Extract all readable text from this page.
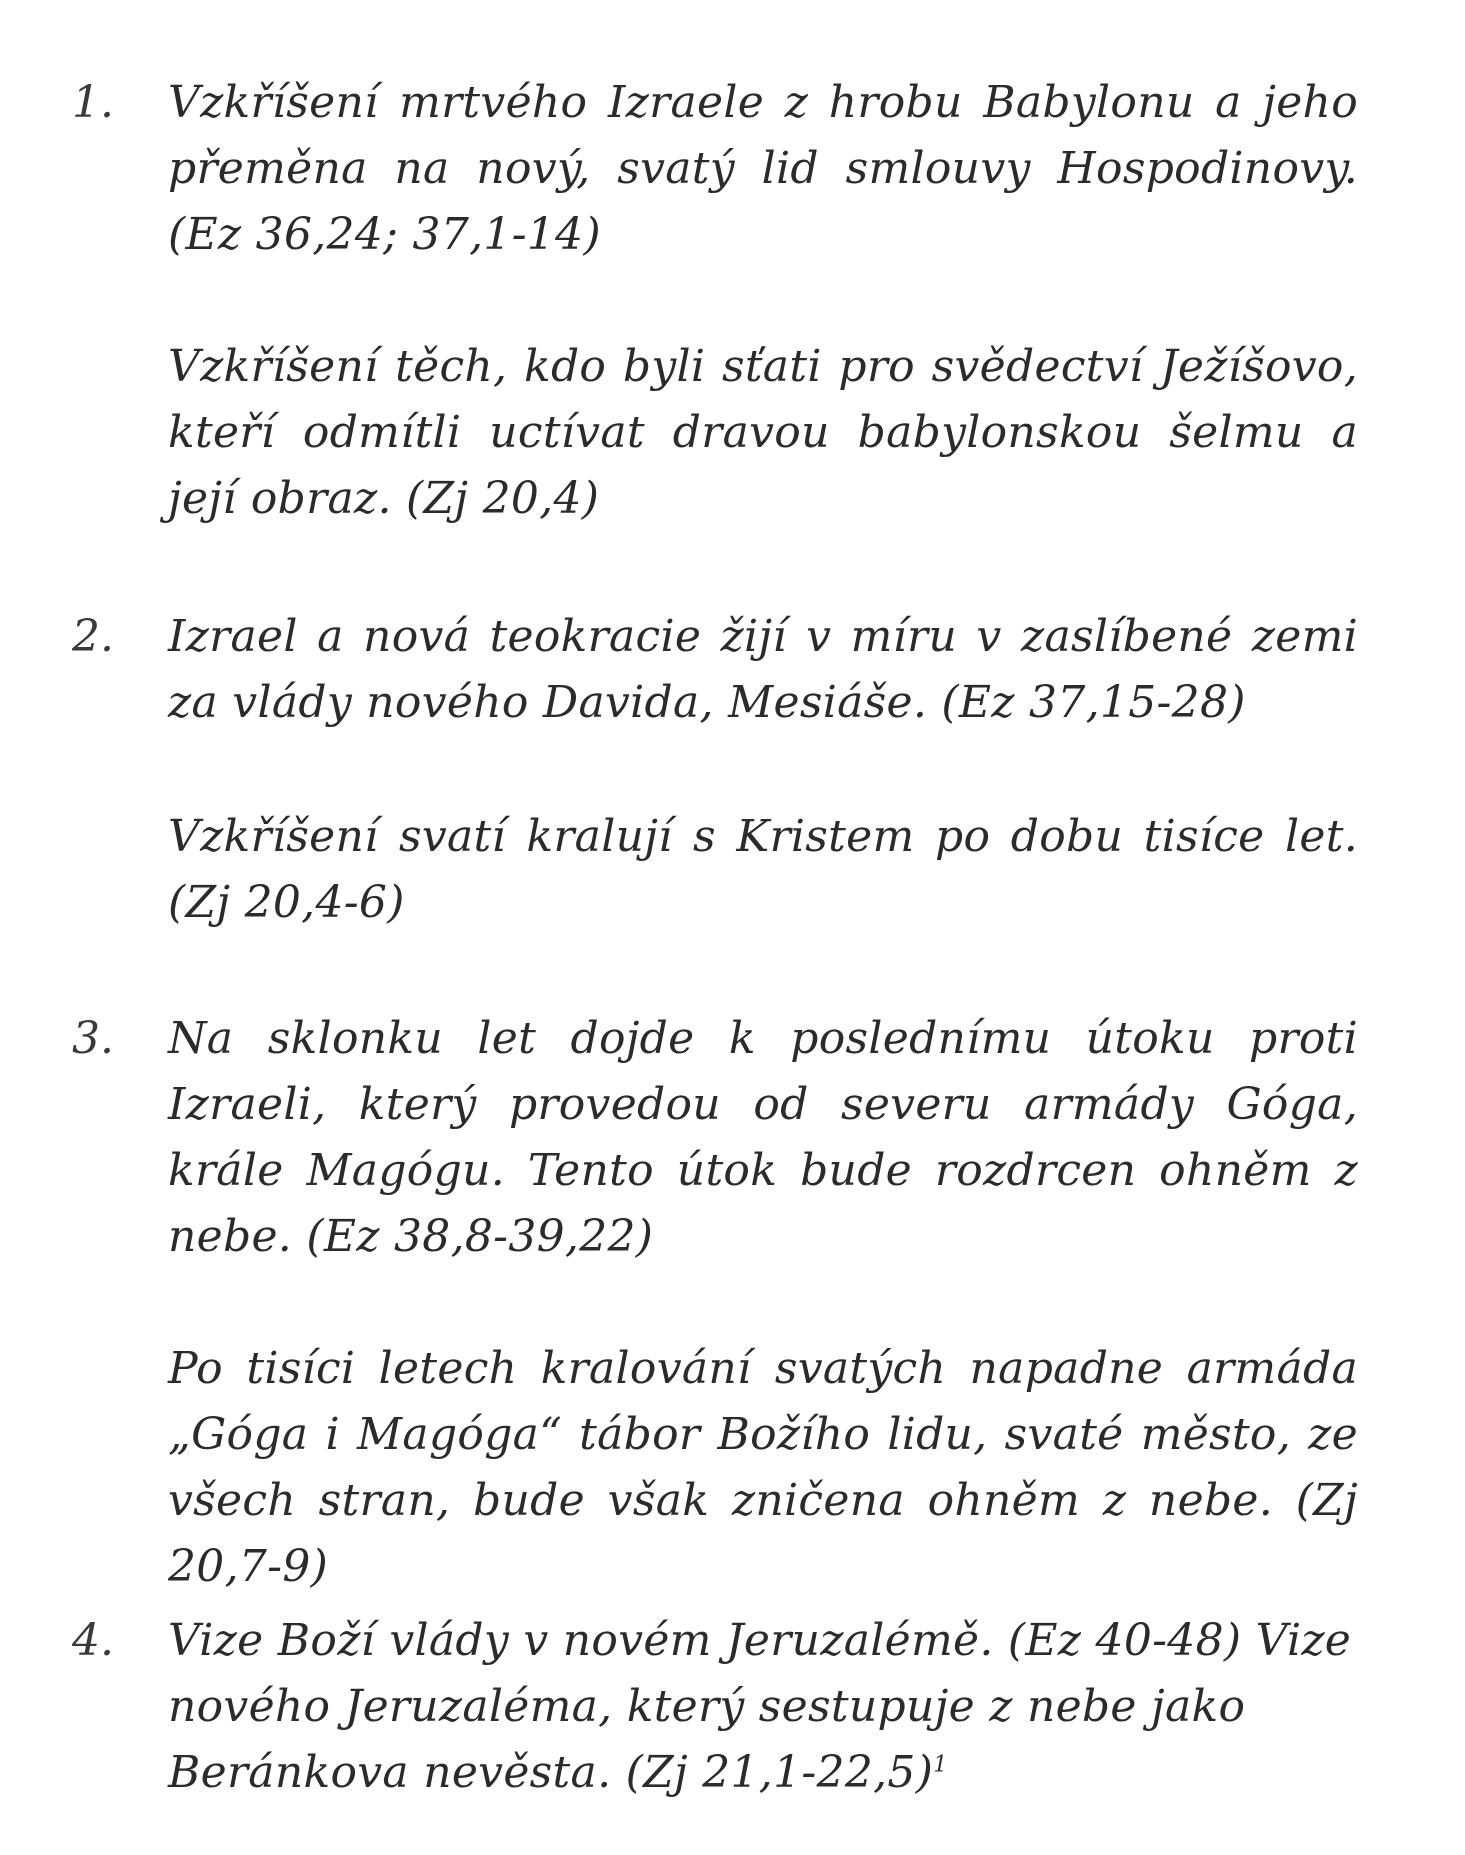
1.	Vzkříšení mrtvého Izraele z hrobu Babylonu a jeho přeměna na nový, svatý lid smlouvy Hospodinovy. (Ez 36,24; 37,1-14)

Vzkříšení těch, kdo byli sťati pro svědectví Ježíšovo, kteří odmítli uctívat dravou babylonskou šelmu a její obraz. (Zj 20,4)

2.	Izrael a nová teokracie žijí v míru v zaslíbené zemi za vlády nového Davida, Mesiáše. (Ez 37,15-28)

Vzkříšení svatí kralují s Kristem po dobu tisíce let. (Zj 20,4-6)

3.	Na sklonku let dojde k poslednímu útoku proti Izraeli, který provedou od severu armády Góga, krále Magógu. Tento útok bude rozdrcen ohněm z nebe. (Ez 38,8-39,22)

Po tisíci letech kralování svatých napadne armáda „Góga i Magóga“ tábor Božího lidu, svaté město, ze všech stran, bude však zničena ohněm z nebe. (Zj 20,7-9)

4.	Vize Boží vlády v novém Jeruzalémě. (Ez 40-48) Vize nového Jeruzaléma, který sestupuje z nebe jako Beránkova nevěsta. (Zj 21,1-22,5)$^1$
